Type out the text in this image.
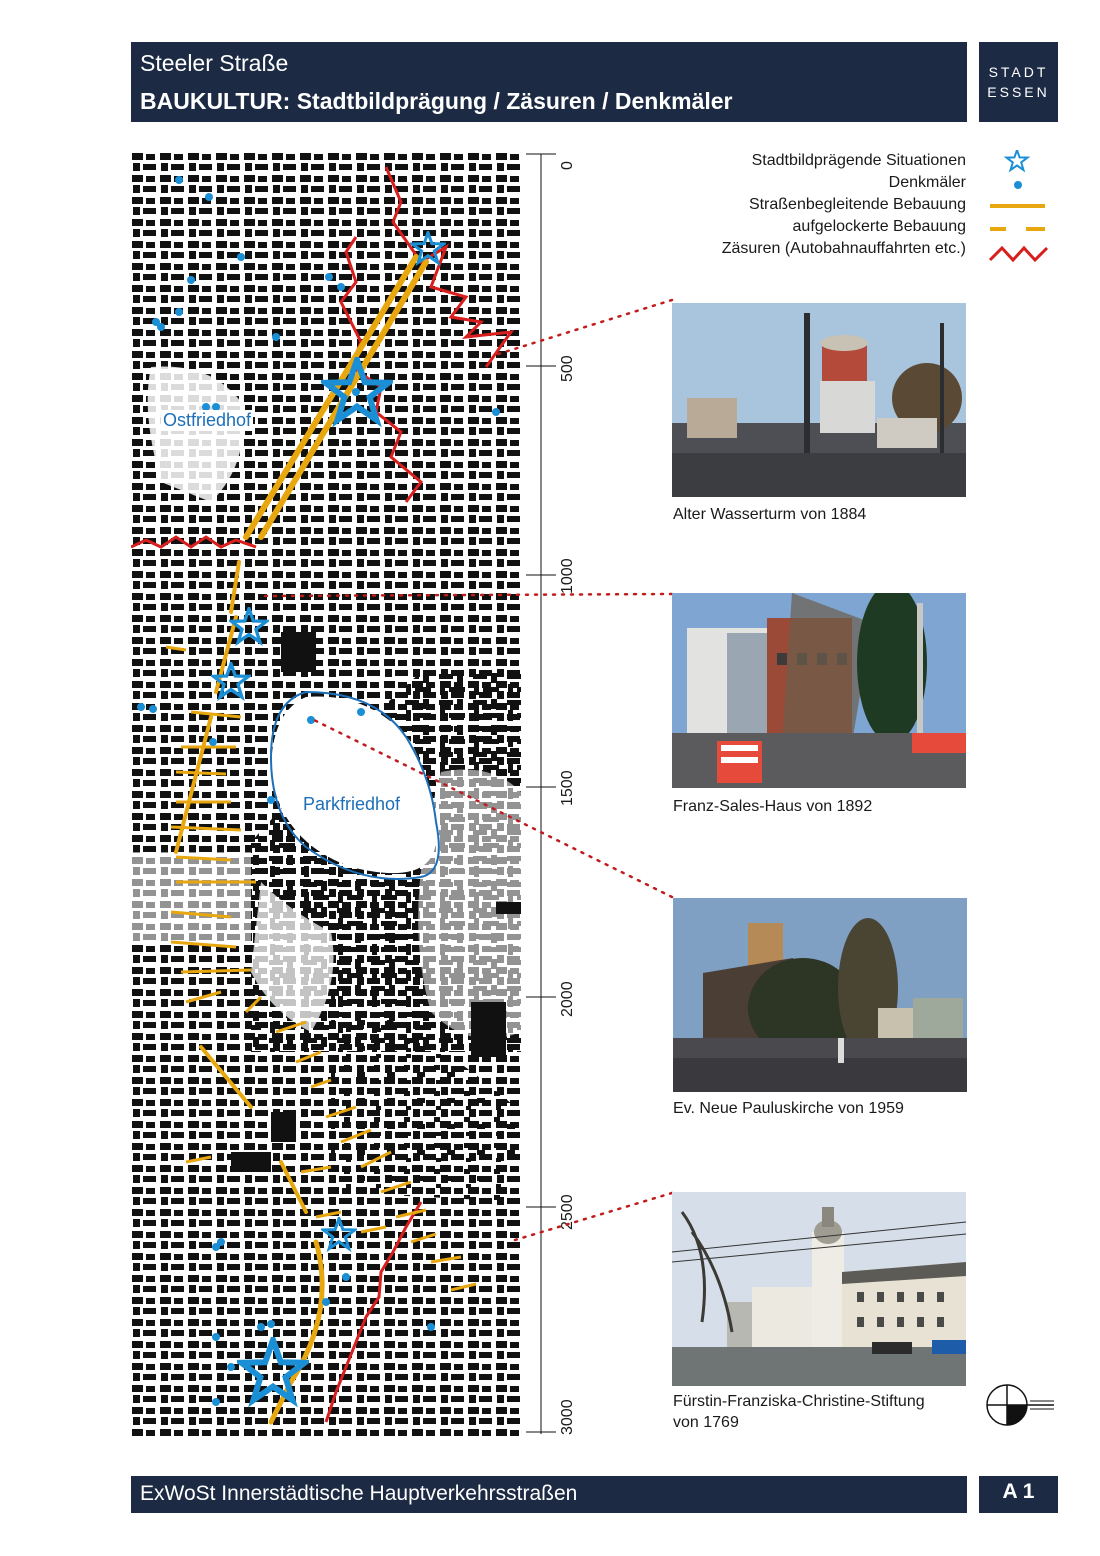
Steeler Straße
BAUKULTUR: Stadtbildprägung / Zäsuren / Denkmäler
STADT
ESSEN
0
500
1000
1500
2000
2500
3000
Ostfriedhof
Parkfriedhof
Stadtbildprägende Situationen
Denkmäler
Straßenbegleitende Bebauung
aufgelockerte Bebauung
Zäsuren (Autobahnauffahrten etc.)
Alter Wasserturm von 1884
Franz-Sales-Haus von 1892
Ev. Neue Pauluskirche von 1959
Fürstin-Franziska-Christine-Stiftung
von 1769
ExWoSt Innerstädtische Hauptverkehrsstraßen	A 1
